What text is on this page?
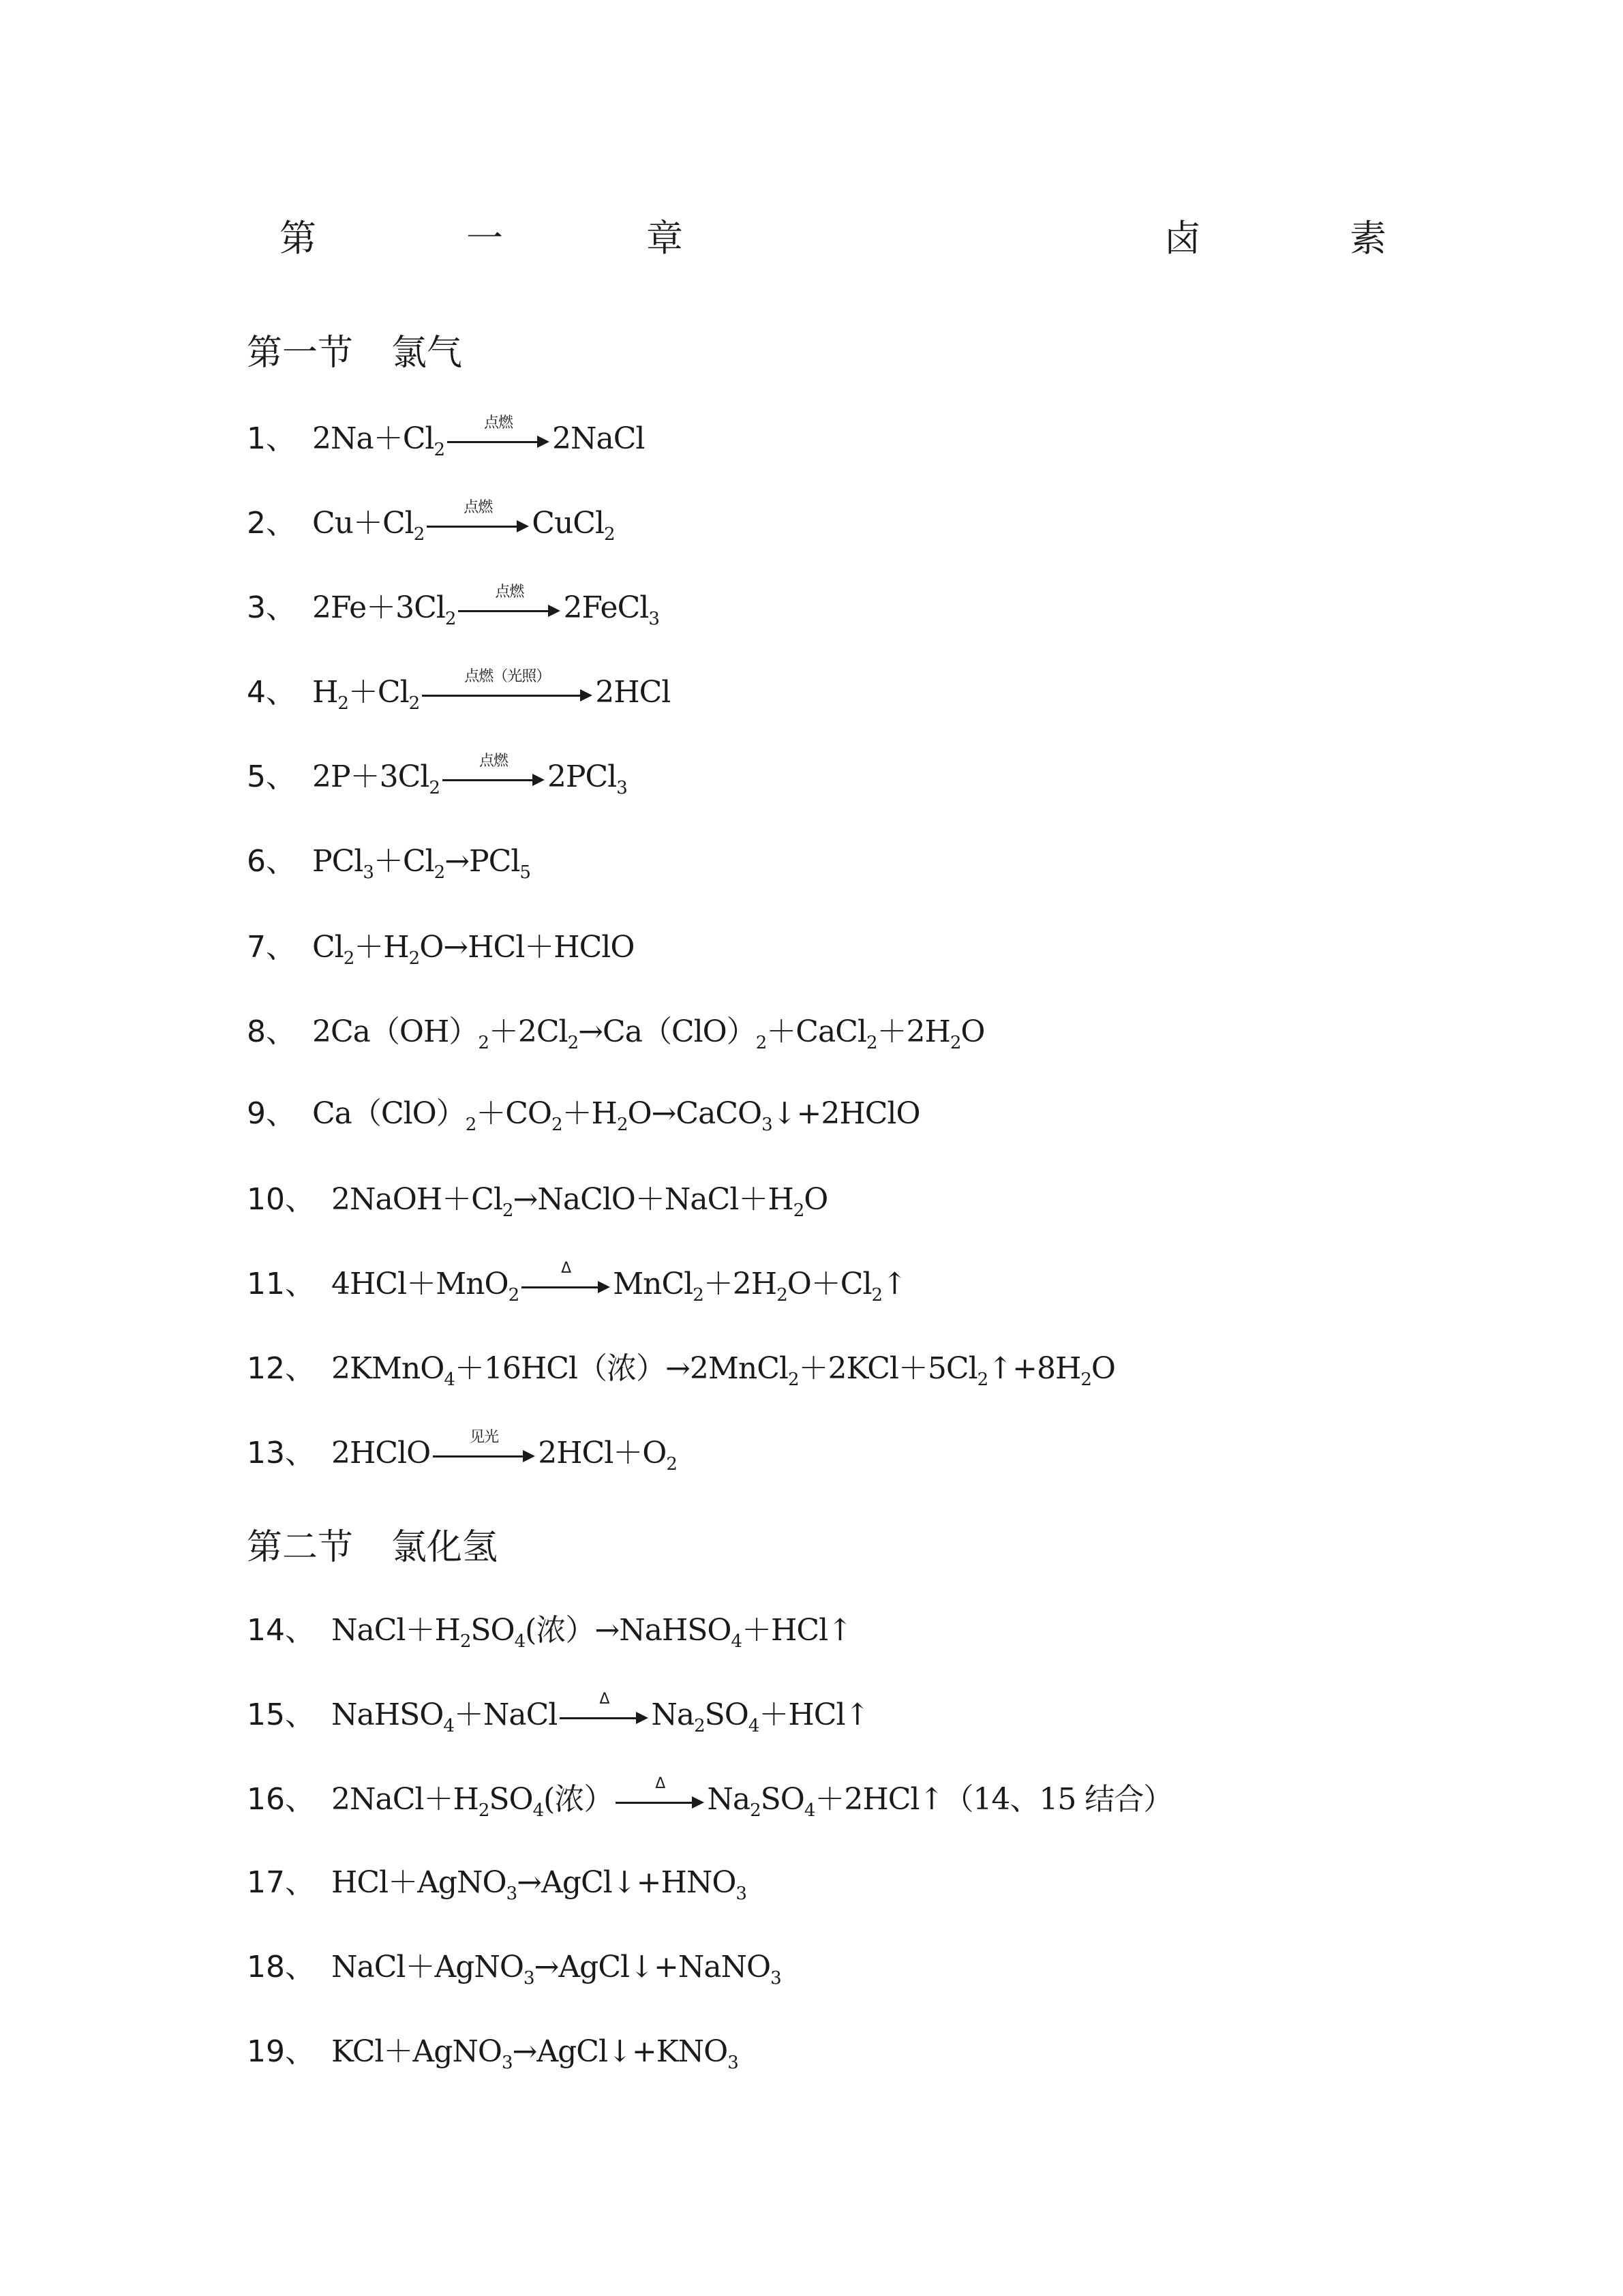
第	一	章	卤	素
第一节 氯气
第二节 氯化氢
1、 $2Na+Cl_2$
点燃	2NaCl
2、 $Cu+Cl_2$
点燃	CuCl$_2$
3、 $2Fe+3Cl_2$
点燃	2FeCl$_3$
4、 $H_2+Cl_2$
点燃（光照）	2HCl
5、 $2P+3Cl_2$
点燃	2PCl$_3$
6、 $PCl_3+Cl_2\to PCl_5$
7、 $Cl_2+H_2O\to HCl+HClO$
8、 $2Ca(OH)_2+2Cl_2\to Ca(ClO)_2+CaCl_2+2H_2O$
9、 $Ca(ClO)_2+CO_2+H_2O\to CaCO_3↓+2HClO$
10、 $2NaOH+Cl_2\to NaClO+NaCl+H_2O$
11、 4HCl＋MnO$_2$
Δ	$MnCl_2+2H_2O+Cl_2↑$
12、 2KMnO$_4$＋16HCl（浓）$\to 2MnCl_2+2KCl+5Cl_2↑+8H_2O$
13、 2HClO	见光	$2HCl+O_2$
14、 $NaCl+H_2SO_4$(浓）→NaHSO$_4$＋HCl↑
15、 NaHSO$_4$＋NaCl	Δ	$Na_2SO_4+HCl↑$
16、 $2NaCl+H_2SO_4$(浓）	Δ	$Na_2SO_4+2HCl↑(14$、15 结合）
17、 $HCl+AgNO_3\to AgCl↓+HNO_3$
18、 NaCl＋AgNO$_3$→AgCl↓+NaNO$_3$
19、 $KCl+AgNO_3\to AgCl↓+KNO_3$
